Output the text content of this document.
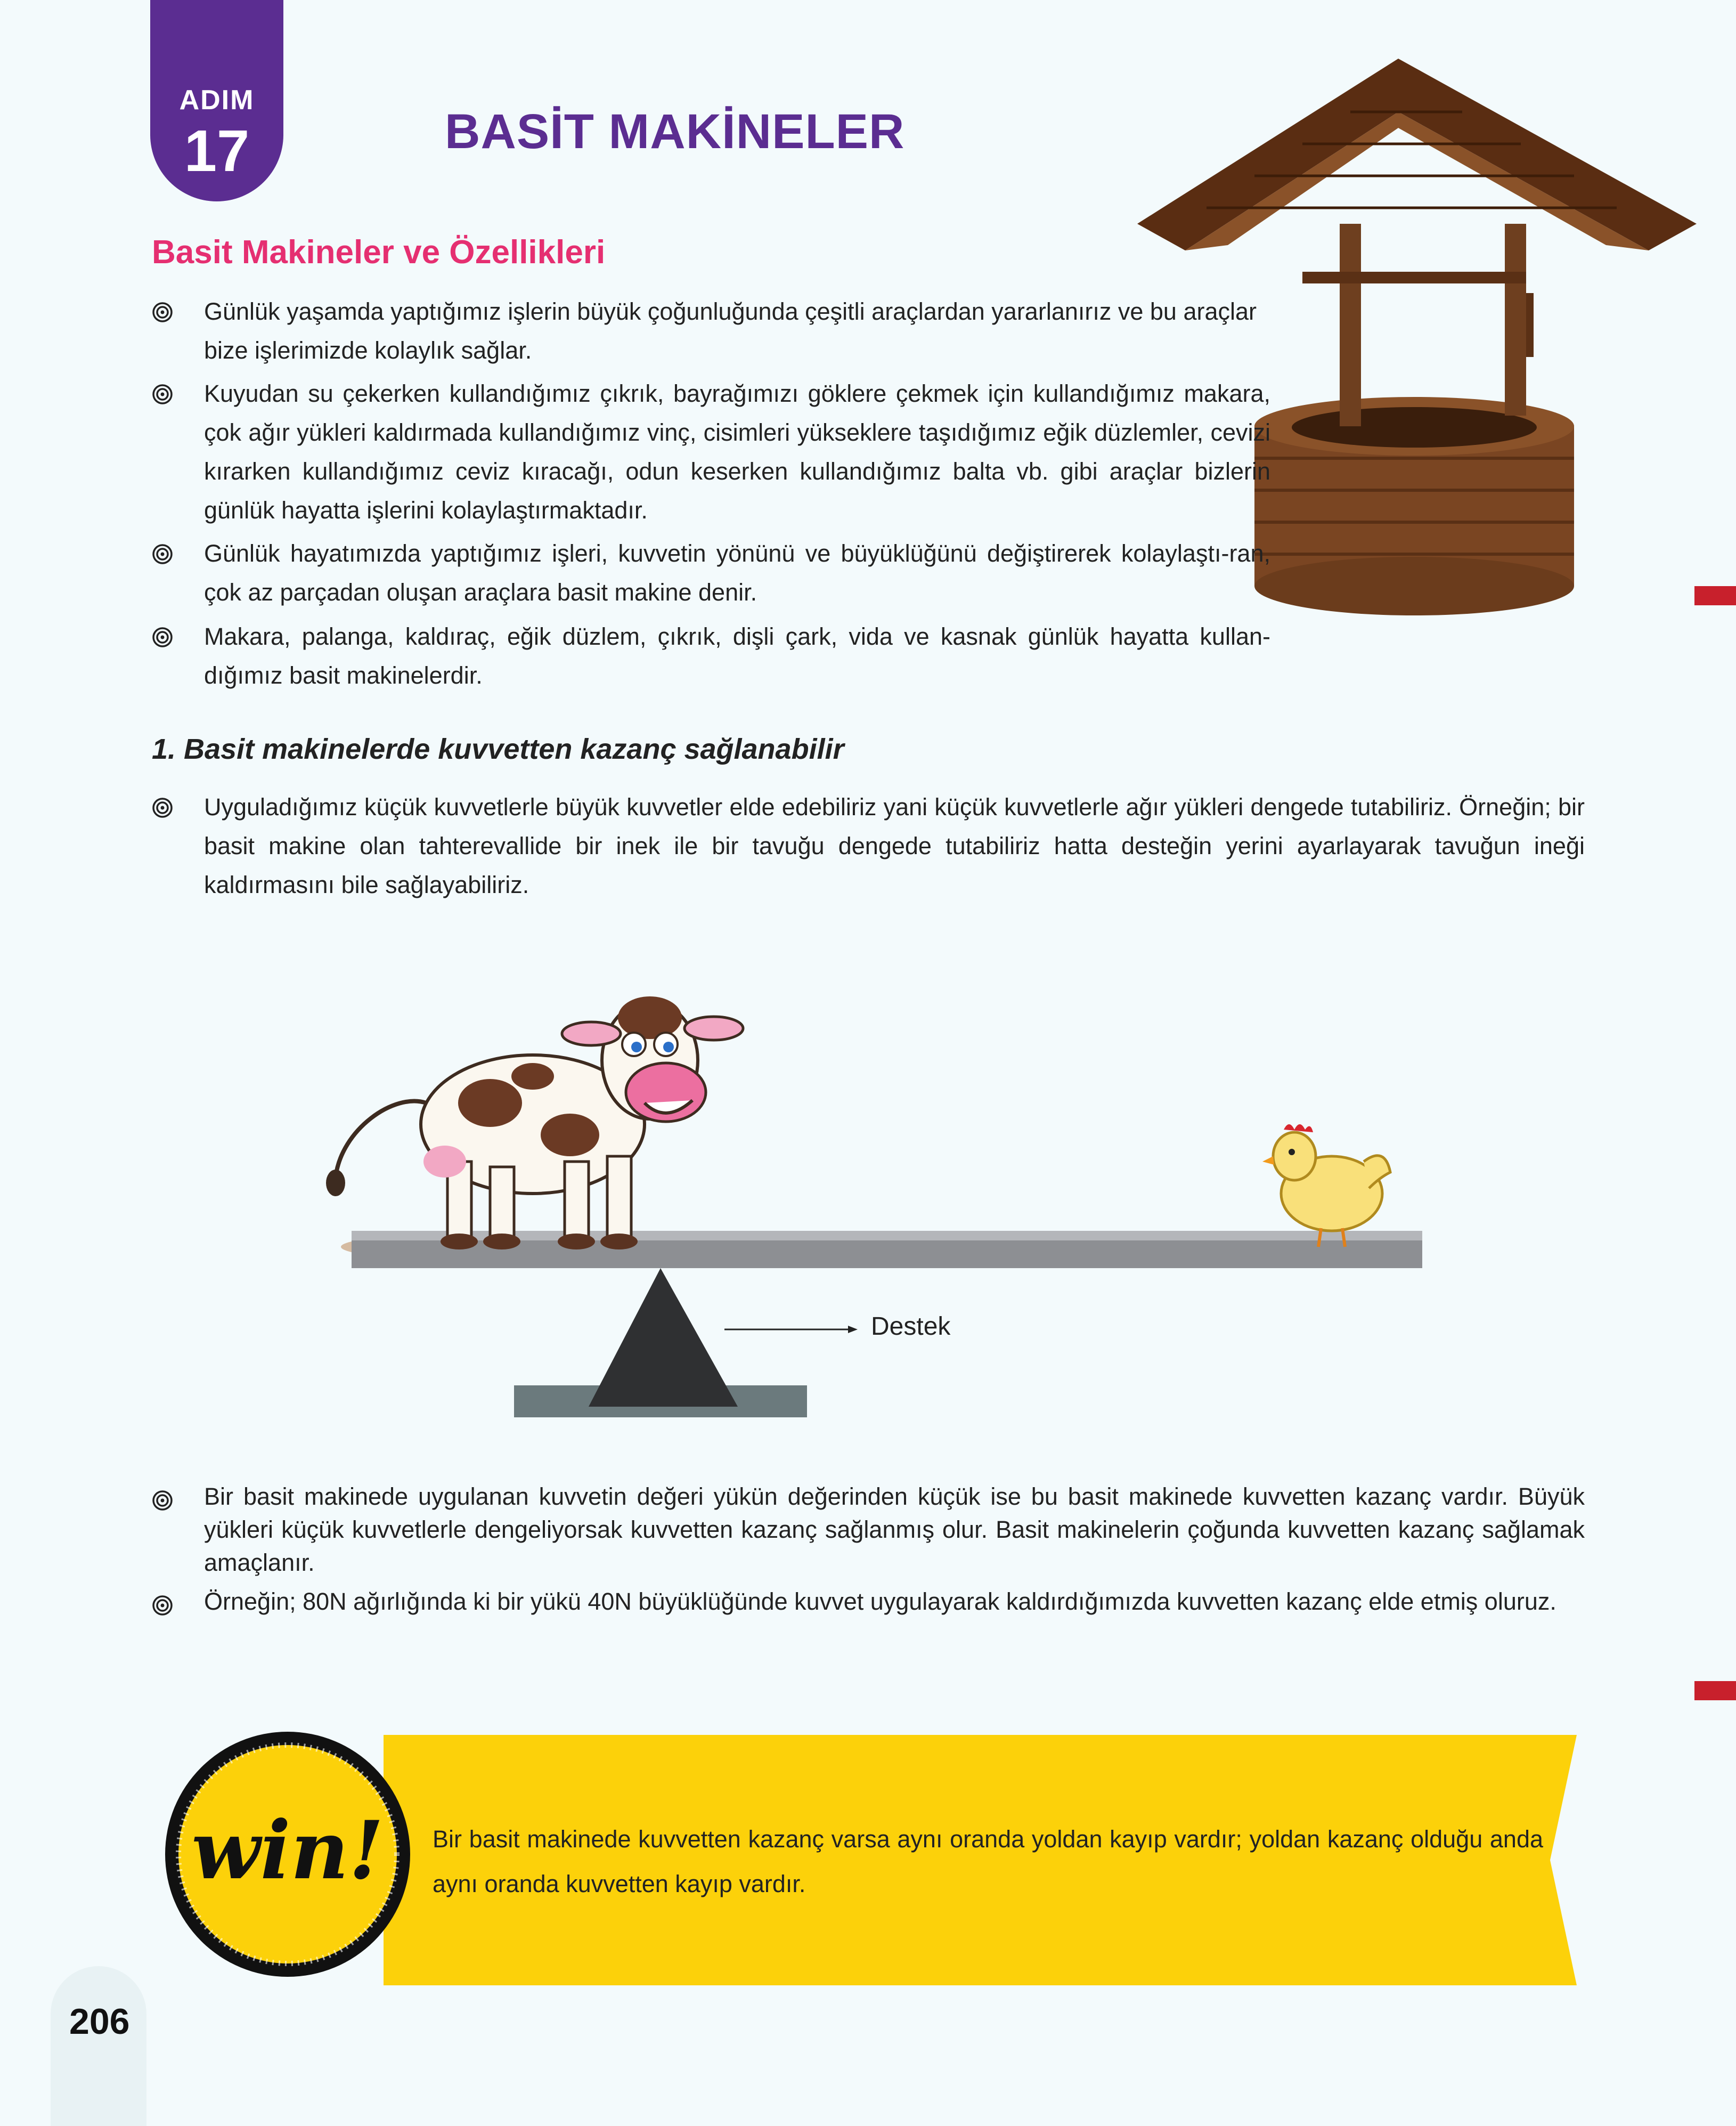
ADIM
17	BASİT MAKİNELER
Basit Makineler ve Özellikleri
Günlük yaşamda yaptığımız işlerin büyük çoğunluğunda çeşitli araçlardan yararlanırız ve bu araçlar bize işlerimizde kolaylık sağlar.
Kuyudan su çekerken kullandığımız çıkrık, bayrağımızı göklere çekmek için kullandığımız makara, çok ağır yükleri kaldırmada kullandığımız vinç, cisimleri yükseklere taşıdığımız eğik düzlemler, cevizi kırarken kullandığımız ceviz kıracağı, odun keserken kullandığımız balta vb. gibi araçlar bizlerin günlük hayatta işlerini kolaylaştırmaktadır.
Günlük hayatımızda yaptığımız işleri, kuvvetin yönünü ve büyüklüğünü değiştirerek kolaylaştı-ran, çok az parçadan oluşan araçlara basit makine denir.
Makara, palanga, kaldıraç, eğik düzlem, çıkrık, dişli çark, vida ve kasnak günlük hayatta kullan-dığımız basit makinelerdir.
1. Basit makinelerde kuvvetten kazanç sağlanabilir
Uyguladığımız küçük kuvvetlerle büyük kuvvetler elde edebiliriz yani küçük kuvvetlerle ağır yükleri dengede tutabiliriz. Örneğin; bir basit makine olan tahterevallide bir inek ile bir tavuğu dengede tutabiliriz hatta desteğin yerini ayarlayarak tavuğun ineği kaldırmasını bile sağlayabiliriz.
Destek
Bir basit makinede uygulanan kuvvetin değeri yükün değerinden küçük ise bu basit makinede kuvvetten kazanç vardır. Büyük yükleri küçük kuvvetlerle dengeliyorsak kuvvetten kazanç sağlanmış olur. Basit makinelerin çoğunda kuvvetten kazanç sağlamak amaçlanır.
Örneğin; 80N ağırlığında ki bir yükü 40N büyüklüğünde kuvvet uygulayarak kaldırdığımızda kuvvetten kazanç elde etmiş oluruz.
win! Bir basit makinede kuvvetten kazanç varsa aynı oranda yoldan kayıp vardır; yoldan kazanç olduğu anda aynı oranda kuvvetten kayıp vardır.
206
